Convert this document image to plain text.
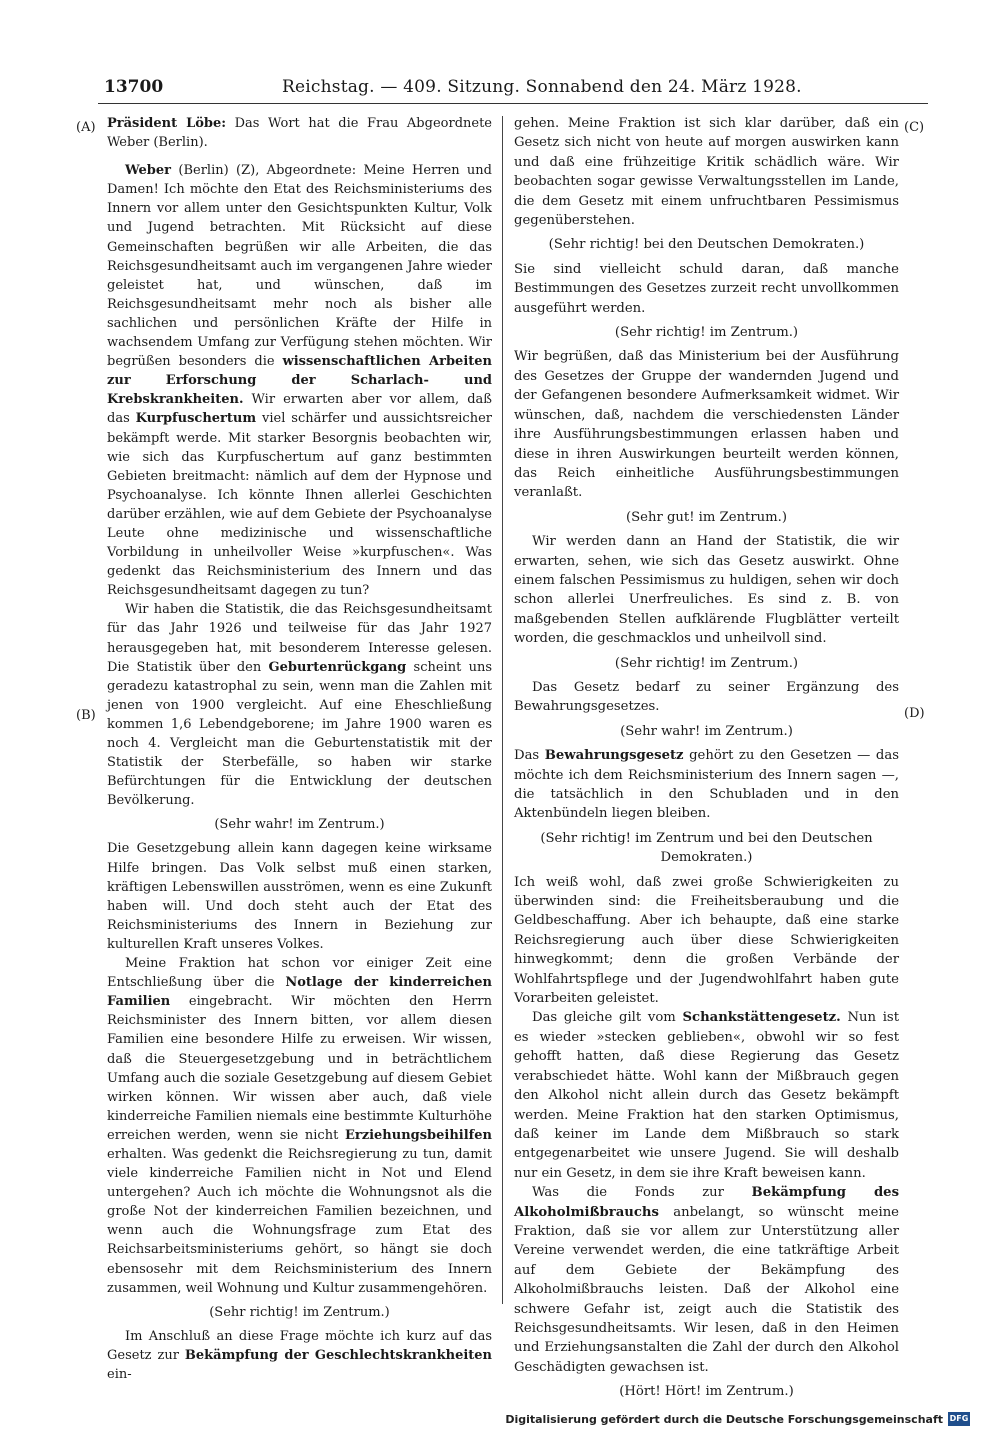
13700	Reichstag. — 409. Sitzung. Sonnabend den 24. März 1928.
(A)
(B)
(C)
(D)

Präsident Löbe: Das Wort hat die Frau Abgeordnete Weber (Berlin).

Weber (Berlin) (Z), Abgeordnete: Meine Herren und Damen! Ich möchte den Etat des Reichsministeriums des Innern vor allem unter den Gesichtspunkten Kultur, Volk und Jugend betrachten. Mit Rücksicht auf diese Gemeinschaften begrüßen wir alle Arbeiten, die das Reichsgesundheitsamt auch im vergangenen Jahre wieder geleistet hat, und wünschen, daß im Reichsgesundheitsamt mehr noch als bisher alle sachlichen und persönlichen Kräfte der Hilfe in wachsendem Umfang zur Verfügung stehen möchten. Wir begrüßen besonders die wissenschaftlichen Arbeiten zur Erforschung der Scharlach- und Krebskrankheiten. Wir erwarten aber vor allem, daß das Kurpfuschertum viel schärfer und aussichtsreicher bekämpft werde. Mit starker Besorgnis beobachten wir, wie sich das Kurpfuschertum auf ganz bestimmten Gebieten breitmacht: nämlich auf dem der Hypnose und Psychoanalyse. Ich könnte Ihnen allerlei Geschichten darüber erzählen, wie auf dem Gebiete der Psychoanalyse Leute ohne medizinische und wissenschaftliche Vorbildung in unheilvoller Weise »kurpfuschen«. Was gedenkt das Reichsministerium des Innern und das Reichsgesundheitsamt dagegen zu tun?

Wir haben die Statistik, die das Reichsgesundheitsamt für das Jahr 1926 und teilweise für das Jahr 1927 herausgegeben hat, mit besonderem Interesse gelesen. Die Statistik über den Geburtenrückgang scheint uns geradezu katastrophal zu sein, wenn man die Zahlen mit jenen von 1900 vergleicht. Auf eine Eheschließung kommen 1,6 Lebendgeborene; im Jahre 1900 waren es noch 4. Vergleicht man die Geburtenstatistik mit der Statistik der Sterbefälle, so haben wir starke Befürchtungen für die Entwicklung der deutschen Bevölkerung.

(Sehr wahr! im Zentrum.)

Die Gesetzgebung allein kann dagegen keine wirksame Hilfe bringen. Das Volk selbst muß einen starken, kräftigen Lebenswillen ausströmen, wenn es eine Zukunft haben will. Und doch steht auch der Etat des Reichsministeriums des Innern in Beziehung zur kulturellen Kraft unseres Volkes.

Meine Fraktion hat schon vor einiger Zeit eine Entschließung über die Notlage der kinderreichen Familien eingebracht. Wir möchten den Herrn Reichsminister des Innern bitten, vor allem diesen Familien eine besondere Hilfe zu erweisen. Wir wissen, daß die Steuergesetzgebung und in beträchtlichem Umfang auch die soziale Gesetzgebung auf diesem Gebiet wirken können. Wir wissen aber auch, daß viele kinderreiche Familien niemals eine bestimmte Kulturhöhe erreichen werden, wenn sie nicht Erziehungsbeihilfen erhalten. Was gedenkt die Reichsregierung zu tun, damit viele kinderreiche Familien nicht in Not und Elend untergehen? Auch ich möchte die Wohnungsnot als die große Not der kinderreichen Familien bezeichnen, und wenn auch die Wohnungsfrage zum Etat des Reichsarbeitsministeriums gehört, so hängt sie doch ebensosehr mit dem Reichsministerium des Innern zusammen, weil Wohnung und Kultur zusammengehören.

(Sehr richtig! im Zentrum.)

Im Anschluß an diese Frage möchte ich kurz auf das Gesetz zur Bekämpfung der Geschlechtskrankheiten ein-

gehen. Meine Fraktion ist sich klar darüber, daß ein Gesetz sich nicht von heute auf morgen auswirken kann und daß eine frühzeitige Kritik schädlich wäre. Wir beobachten sogar gewisse Verwaltungsstellen im Lande, die dem Gesetz mit einem unfruchtbaren Pessimismus gegenüberstehen.

(Sehr richtig! bei den Deutschen Demokraten.)

Sie sind vielleicht schuld daran, daß manche Bestimmungen des Gesetzes zurzeit recht unvollkommen ausgeführt werden.

(Sehr richtig! im Zentrum.)

Wir begrüßen, daß das Ministerium bei der Ausführung des Gesetzes der Gruppe der wandernden Jugend und der Gefangenen besondere Aufmerksamkeit widmet. Wir wünschen, daß, nachdem die verschiedensten Länder ihre Ausführungsbestimmungen erlassen haben und diese in ihren Auswirkungen beurteilt werden können, das Reich einheitliche Ausführungsbestimmungen veranlaßt.

(Sehr gut! im Zentrum.)

Wir werden dann an Hand der Statistik, die wir erwarten, sehen, wie sich das Gesetz auswirkt. Ohne einem falschen Pessimismus zu huldigen, sehen wir doch schon allerlei Unerfreuliches. Es sind z. B. von maßgebenden Stellen aufklärende Flugblätter verteilt worden, die geschmacklos und unheilvoll sind.

(Sehr richtig! im Zentrum.)

Das Gesetz bedarf zu seiner Ergänzung des Bewahrungsgesetzes.

(Sehr wahr! im Zentrum.)

Das Bewahrungsgesetz gehört zu den Gesetzen — das möchte ich dem Reichsministerium des Innern sagen —, die tatsächlich in den Schubladen und in den Aktenbündeln liegen bleiben.

(Sehr richtig! im Zentrum und bei den Deutschen Demokraten.)

Ich weiß wohl, daß zwei große Schwierigkeiten zu überwinden sind: die Freiheitsberaubung und die Geldbeschaffung. Aber ich behaupte, daß eine starke Reichsregierung auch über diese Schwierigkeiten hinwegkommt; denn die großen Verbände der Wohlfahrtspflege und der Jugendwohlfahrt haben gute Vorarbeiten geleistet.

Das gleiche gilt vom Schankstättengesetz. Nun ist es wieder »stecken geblieben«, obwohl wir so fest gehofft hatten, daß diese Regierung das Gesetz verabschiedet hätte. Wohl kann der Mißbrauch gegen den Alkohol nicht allein durch das Gesetz bekämpft werden. Meine Fraktion hat den starken Optimismus, daß keiner im Lande dem Mißbrauch so stark entgegenarbeitet wie unsere Jugend. Sie will deshalb nur ein Gesetz, in dem sie ihre Kraft beweisen kann.

Was die Fonds zur Bekämpfung des Alkoholmißbrauchs anbelangt, so wünscht meine Fraktion, daß sie vor allem zur Unterstützung aller Vereine verwendet werden, die eine tatkräftige Arbeit auf dem Gebiete der Bekämpfung des Alkoholmißbrauchs leisten. Daß der Alkohol eine schwere Gefahr ist, zeigt auch die Statistik des Reichsgesundheitsamts. Wir lesen, daß in den Heimen und Erziehungsanstalten die Zahl der durch den Alkohol Geschädigten gewachsen ist.

(Hört! Hört! im Zentrum.)

Digitalisierung gefördert durch die Deutsche Forschungsgemeinschaft DFG
